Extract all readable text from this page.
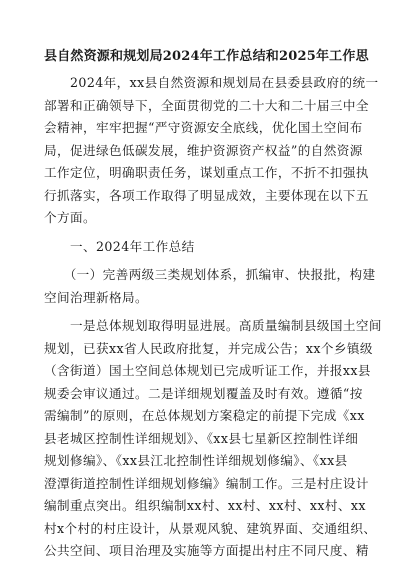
县自然资源和规划局2024年工作总结和2025年工作思
　　2024年，xx县自然资源和规划局在县委县政府的统一
部署和正确领导下，全面贯彻党的二十大和二十届三中全
会精神，牢牢把握“严守资源安全底线，优化国土空间布
局，促进绿色低碳发展，维护资源资产权益”的自然资源
工作定位，明确职责任务，谋划重点工作，不折不扣强执
行抓落实，各项工作取得了明显成效，主要体现在以下五
个方面。
　　一、2024年工作总结
　　（一）完善两级三类规划体系，抓编审、快报批，构建
空间治理新格局。
　　一是总体规划取得明显进展。高质量编制县级国土空间
规划，已获xx省人民政府批复，并完成公告；xx个乡镇级
（含街道）国土空间总体规划已完成听证工作，并报xx县
规委会审议通过。二是详细规划覆盖及时有效。遵循“按
需编制”的原则，在总体规划方案稳定的前提下完成《xx
县老城区控制性详细规划》、《xx县七星新区控制性详细
规划修编》、《xx县江北控制性详细规划修编》、《xx县
澄潭街道控制性详细规划修编》编制工作。三是村庄设计
编制重点突出。组织编制xx村、xx村、xx村、xx村、xx
村x个村的村庄设计，从景观风貌、建筑界面、交通组织、
公共空间、项目治理及实施等方面提出村庄不同尺度、精
